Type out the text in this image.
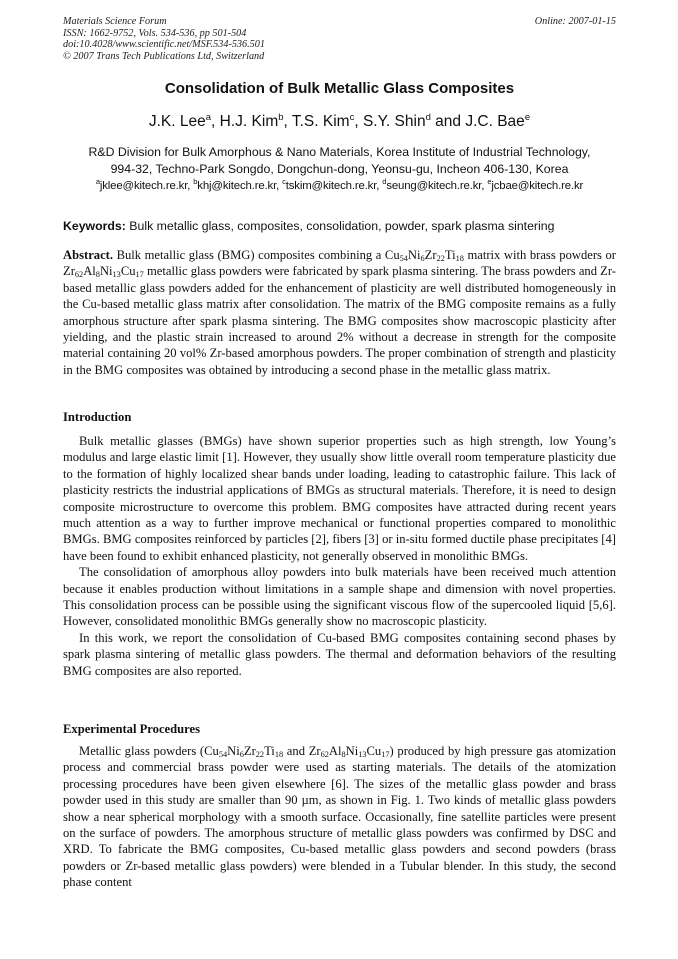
Materials Science Forum
ISSN: 1662-9752, Vols. 534-536, pp 501-504
doi:10.4028/www.scientific.net/MSF.534-536.501
© 2007 Trans Tech Publications Ltd, Switzerland
Online: 2007-01-15
Consolidation of Bulk Metallic Glass Composites
J.K. Lee$^a$, H.J. Kim$^b$, T.S. Kim$^c$, S.Y. Shin$^d$ and J.C. Bae$^e$
R&D Division for Bulk Amorphous & Nano Materials, Korea Institute of Industrial Technology,
994-32, Techno-Park Songdo, Dongchun-dong, Yeonsu-gu, Incheon 406-130, Korea
$^a$jklee@kitech.re.kr, $^b$khj@kitech.re.kr, $^c$tskim@kitech.re.kr, $^d$seung@kitech.re.kr, $^e$jcbae@kitech.re.kr
Keywords: Bulk metallic glass, composites, consolidation, powder, spark plasma sintering

Abstract. Bulk metallic glass (BMG) composites combining a $Cu_{54}Ni_6Zr_{22}Ti_{18}$ matrix with brass powders or $Zr_{62}Al_8Ni_{13}Cu_{17}$ metallic glass powders were fabricated by spark plasma sintering. The brass powders and Zr-based metallic glass powders added for the enhancement of plasticity are well distributed homogeneously in the Cu-based metallic glass matrix after consolidation. The matrix of the BMG composite remains as a fully amorphous structure after spark plasma sintering. The BMG composites show macroscopic plasticity after yielding, and the plastic strain increased to around 2% without a decrease in strength for the composite material containing 20 vol% Zr-based amorphous powders. The proper combination of strength and plasticity in the BMG composites was obtained by introducing a second phase in the metallic glass matrix.

Introduction

Bulk metallic glasses (BMGs) have shown superior properties such as high strength, low Young’s modulus and large elastic limit [1]. However, they usually show little overall room temperature plasticity due to the formation of highly localized shear bands under loading, leading to catastrophic failure. This lack of plasticity restricts the industrial applications of BMGs as structural materials. Therefore, it is need to design composite microstructure to overcome this problem. BMG composites have attracted during recent years much attention as a way to further improve mechanical or functional properties compared to monolithic BMGs. BMG composites reinforced by particles [2], fibers [3] or in-situ formed ductile phase precipitates [4] have been found to exhibit enhanced plasticity, not generally observed in monolithic BMGs.

The consolidation of amorphous alloy powders into bulk materials have been received much attention because it enables production without limitations in a sample shape and dimension with novel properties. This consolidation process can be possible using the significant viscous flow of the supercooled liquid [5,6]. However, consolidated monolithic BMGs generally show no macroscopic plasticity.

In this work, we report the consolidation of Cu-based BMG composites containing second phases by spark plasma sintering of metallic glass powders. The thermal and deformation behaviors of the resulting BMG composites are also reported.

Experimental Procedures

Metallic glass powders ($Cu_{54}Ni_6Zr_{22}Ti_{18}$ and $Zr_{62}Al_8Ni_{13}Cu_{17}$) produced by high pressure gas atomization process and commercial brass powder were used as starting materials. The details of the atomization processing procedures have been given elsewhere [6]. The sizes of the metallic glass powder and brass powder used in this study are smaller than 90 µm, as shown in Fig. 1. Two kinds of metallic glass powders show a near spherical morphology with a smooth surface. Occasionally, fine satellite particles were present on the surface of powders. The amorphous structure of metallic glass powders was confirmed by DSC and XRD. To fabricate the BMG composites, Cu-based metallic glass powders and second powders (brass powders or Zr-based metallic glass powders) were blended in a Tubular blender. In this study, the second phase content
